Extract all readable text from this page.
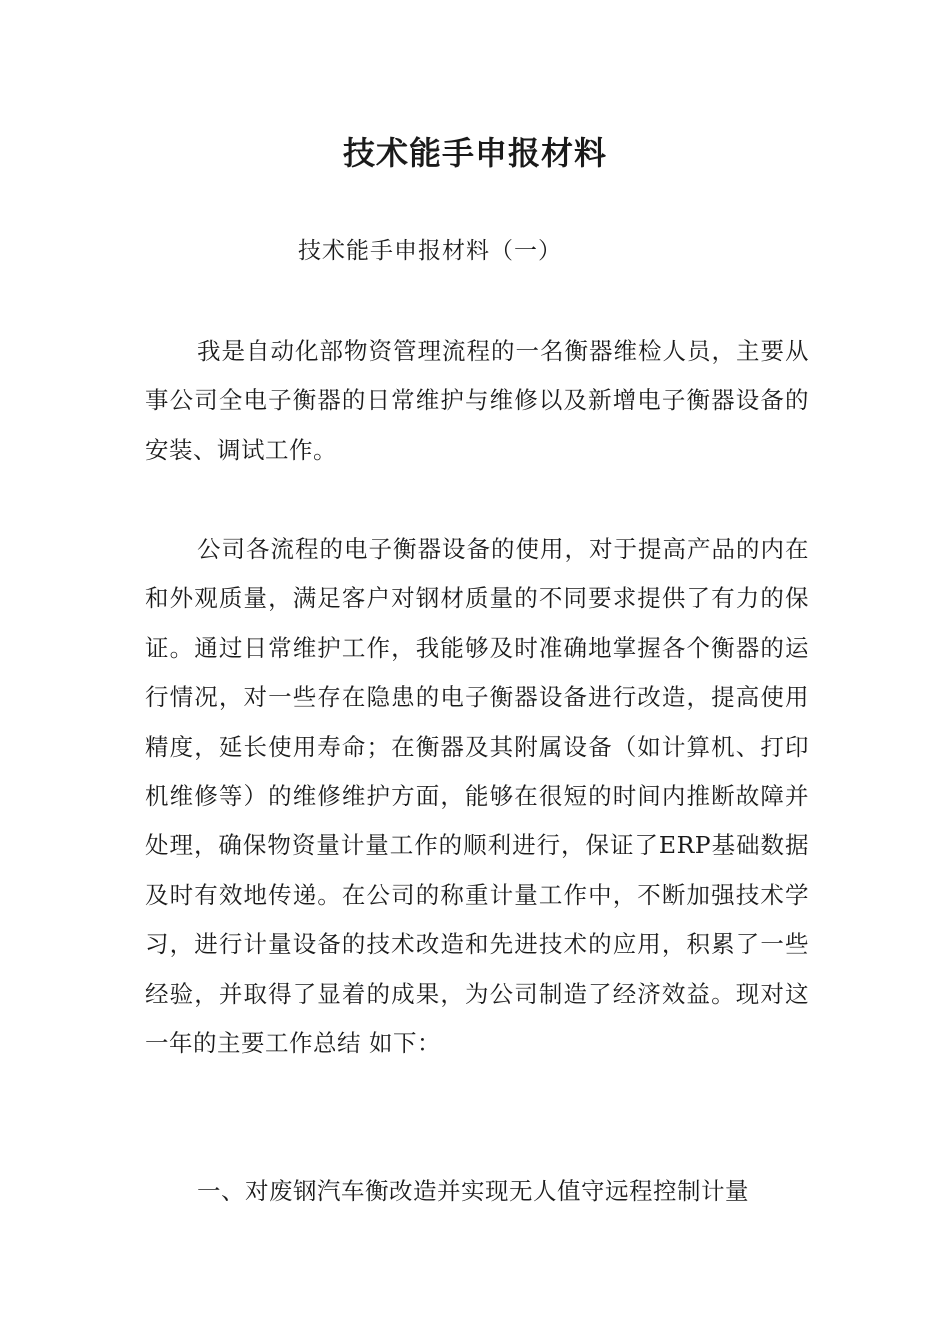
技术能手申报材料
技术能手申报材料（一）

我是自动化部物资管理流程的一名衡器维检人员，主要从事公司全电子衡器的日常维护与维修以及新增电子衡器设备的安装、调试工作。

公司各流程的电子衡器设备的使用，对于提高产品的内在和外观质量，满足客户对钢材质量的不同要求提供了有力的保证。通过日常维护工作，我能够及时准确地掌握各个衡器的运行情况，对一些存在隐患的电子衡器设备进行改造，提高使用精度，延长使用寿命；在衡器及其附属设备（如计算机、打印机维修等）的维修维护方面，能够在很短的时间内推断故障并处理，确保物资量计量工作的顺利进行，保证了ERP基础数据及时有效地传递。在公司的称重计量工作中，不断加强技术学习，进行计量设备的技术改造和先进技术的应用，积累了一些经验，并取得了显着的成果，为公司制造了经济效益。现对这一年的主要工作总结 如下：

一、对废钢汽车衡改造并实现无人值守远程控制计量
